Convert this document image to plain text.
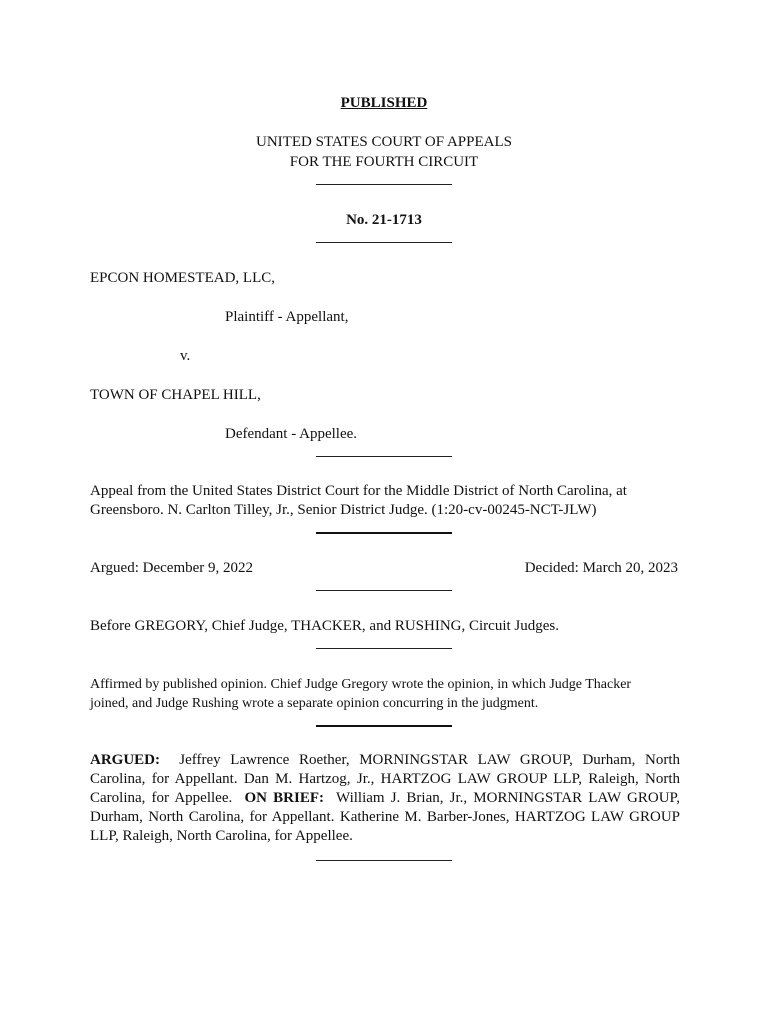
PUBLISHED
UNITED STATES COURT OF APPEALS
FOR THE FOURTH CIRCUIT
No. 21-1713
EPCON HOMESTEAD, LLC,
Plaintiff - Appellant,
v.
TOWN OF CHAPEL HILL,
Defendant - Appellee.
Appeal from the United States District Court for the Middle District of North Carolina, at
Greensboro. N. Carlton Tilley, Jr., Senior District Judge. (1:20-cv-00245-NCT-JLW)
Argued: December 9, 2022	Decided: March 20, 2023
Before GREGORY, Chief Judge, THACKER, and RUSHING, Circuit Judges.
Affirmed by published opinion. Chief Judge Gregory wrote the opinion, in which Judge Thacker
joined, and Judge Rushing wrote a separate opinion concurring in the judgment.
ARGUED: Jeffrey Lawrence Roether, MORNINGSTAR LAW GROUP, Durham, North Carolina, for Appellant. Dan M. Hartzog, Jr., HARTZOG LAW GROUP LLP, Raleigh, North Carolina, for Appellee. ON BRIEF: William J. Brian, Jr., MORNINGSTAR LAW GROUP, Durham, North Carolina, for Appellant. Katherine M. Barber-Jones, HARTZOG LAW GROUP LLP, Raleigh, North Carolina, for Appellee.
